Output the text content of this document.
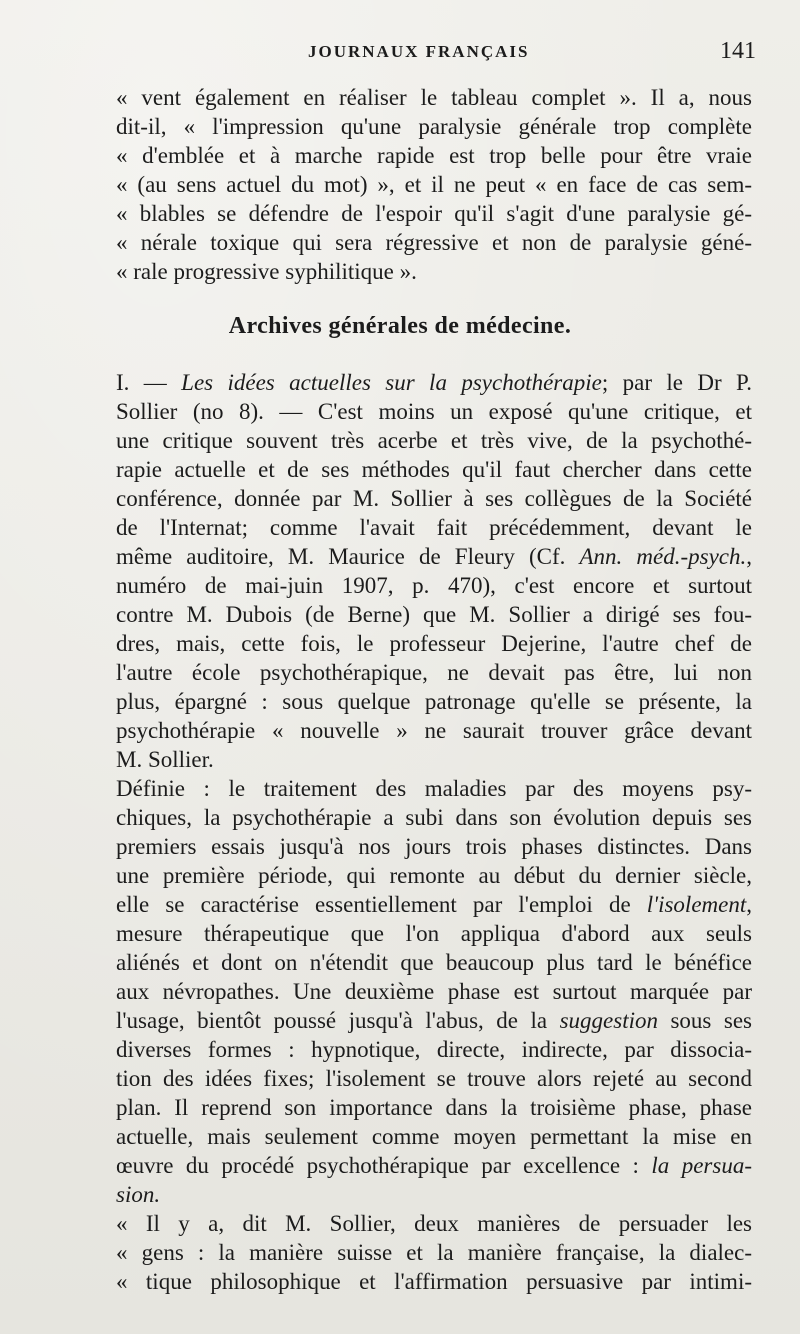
JOURNAUX FRANÇAIS	141
« vent également en réaliser le tableau complet ». Il a, nous
dit-il, « l'impression qu'une paralysie générale trop complète
« d'emblée et à marche rapide est trop belle pour être vraie
« (au sens actuel du mot) », et il ne peut « en face de cas sem-
« blables se défendre de l'espoir qu'il s'agit d'une paralysie gé-
« nérale toxique qui sera régressive et non de paralysie géné-
« rale progressive syphilitique ».
Archives générales de médecine.
I. — Les idées actuelles sur la psychothérapie; par le Dr P.
Sollier (no 8). — C'est moins un exposé qu'une critique, et
une critique souvent très acerbe et très vive, de la psychothé-
rapie actuelle et de ses méthodes qu'il faut chercher dans cette
conférence, donnée par M. Sollier à ses collègues de la Société
de l'Internat; comme l'avait fait précédemment, devant le
même auditoire, M. Maurice de Fleury (Cf. Ann. méd.-psych.,
numéro de mai-juin 1907, p. 470), c'est encore et surtout
contre M. Dubois (de Berne) que M. Sollier a dirigé ses fou-
dres, mais, cette fois, le professeur Dejerine, l'autre chef de
l'autre école psychothérapique, ne devait pas être, lui non
plus, épargné : sous quelque patronage qu'elle se présente, la
psychothérapie « nouvelle » ne saurait trouver grâce devant
M. Sollier.
Définie : le traitement des maladies par des moyens psy-
chiques, la psychothérapie a subi dans son évolution depuis ses
premiers essais jusqu'à nos jours trois phases distinctes. Dans
une première période, qui remonte au début du dernier siècle,
elle se caractérise essentiellement par l'emploi de l'isolement,
mesure thérapeutique que l'on appliqua d'abord aux seuls
aliénés et dont on n'étendit que beaucoup plus tard le bénéfice
aux névropathes. Une deuxième phase est surtout marquée par
l'usage, bientôt poussé jusqu'à l'abus, de la suggestion sous ses
diverses formes : hypnotique, directe, indirecte, par dissocia-
tion des idées fixes; l'isolement se trouve alors rejeté au second
plan. Il reprend son importance dans la troisième phase, phase
actuelle, mais seulement comme moyen permettant la mise en
œuvre du procédé psychothérapique par excellence : la persua-
sion.
« Il y a, dit M. Sollier, deux manières de persuader les
« gens : la manière suisse et la manière française, la dialec-
« tique philosophique et l'affirmation persuasive par intimi-
